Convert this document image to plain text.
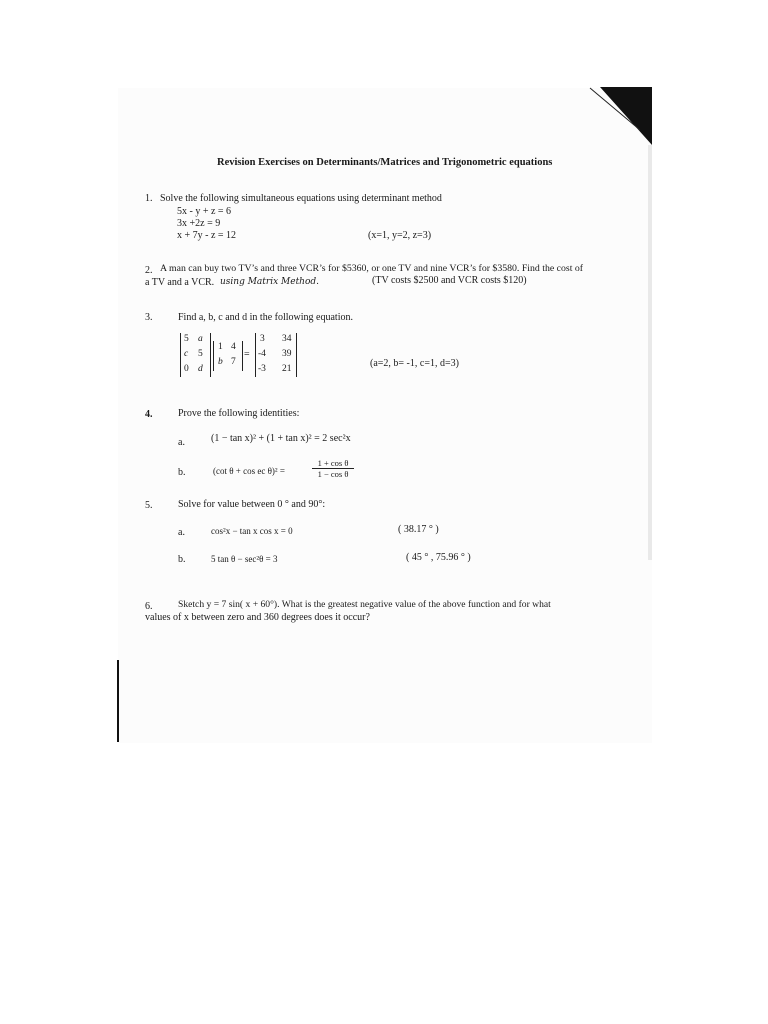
Revision Exercises on Determinants/Matrices and Trigonometric equations
1. Solve the following simultaneous equations using determinant method
5x - y + z = 6
3x +2z = 9
x + 7y - z = 12	(x=1, y=2, z=3)
2. A man can buy two TV’s and three VCR’s for $5360, or one TV and nine VCR’s for $3580. Find the cost of
a TV and a VCR. using Matrix Method.	(TV costs $2500 and VCR costs $120)
3.	Find a, b, c and d in the following equation.
5 a
c 5
0 d
1 4
b 7
=
3 34
-4 39
-3 21	(a=2, b= -1, c=1, d=3)
4.	Prove the following identities:
a.	(1 − tan x)² + (1 + tan x)² = 2 sec²x
b.	(cot θ + cos ec θ)² =
1 + cos θ
1 − cos θ
5.	Solve for value between 0 ° and 90°:
a.	cos²x − tan x cos x = 0	( 38.17 ° )
b.	5 tan θ − sec²θ = 3	( 45 ° , 75.96 ° )
6.	Sketch y = 7 sin( x + 60°). What is the greatest negative value of the above function and for what
values of x between zero and 360 degrees does it occur?
